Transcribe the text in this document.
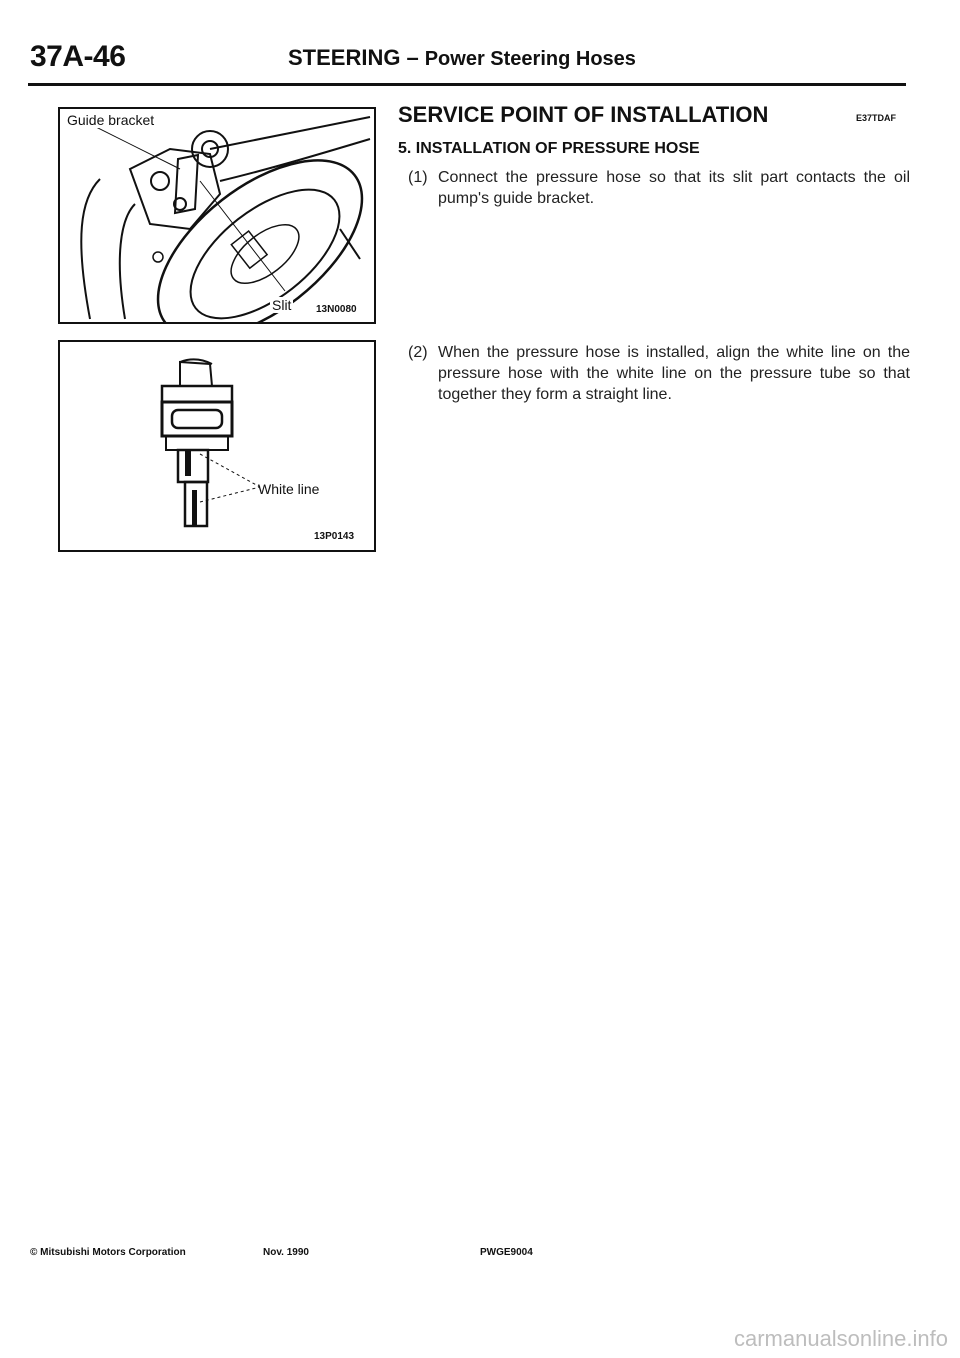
37A-46	STEERING – Power Steering Hoses
Guide bracket
Slit 13N0080
White line
13P0143
SERVICE POINT OF INSTALLATION	E37TDAF
5. INSTALLATION OF PRESSURE HOSE
(1) Connect the pressure hose so that its slit part contacts the oil pump's guide bracket.
(2) When the pressure hose is installed, align the white line on the pressure hose with the white line on the pressure tube so that together they form a straight line.
© Mitsubishi Motors Corporation	Nov. 1990	PWGE9004
carmanualsonline.info
